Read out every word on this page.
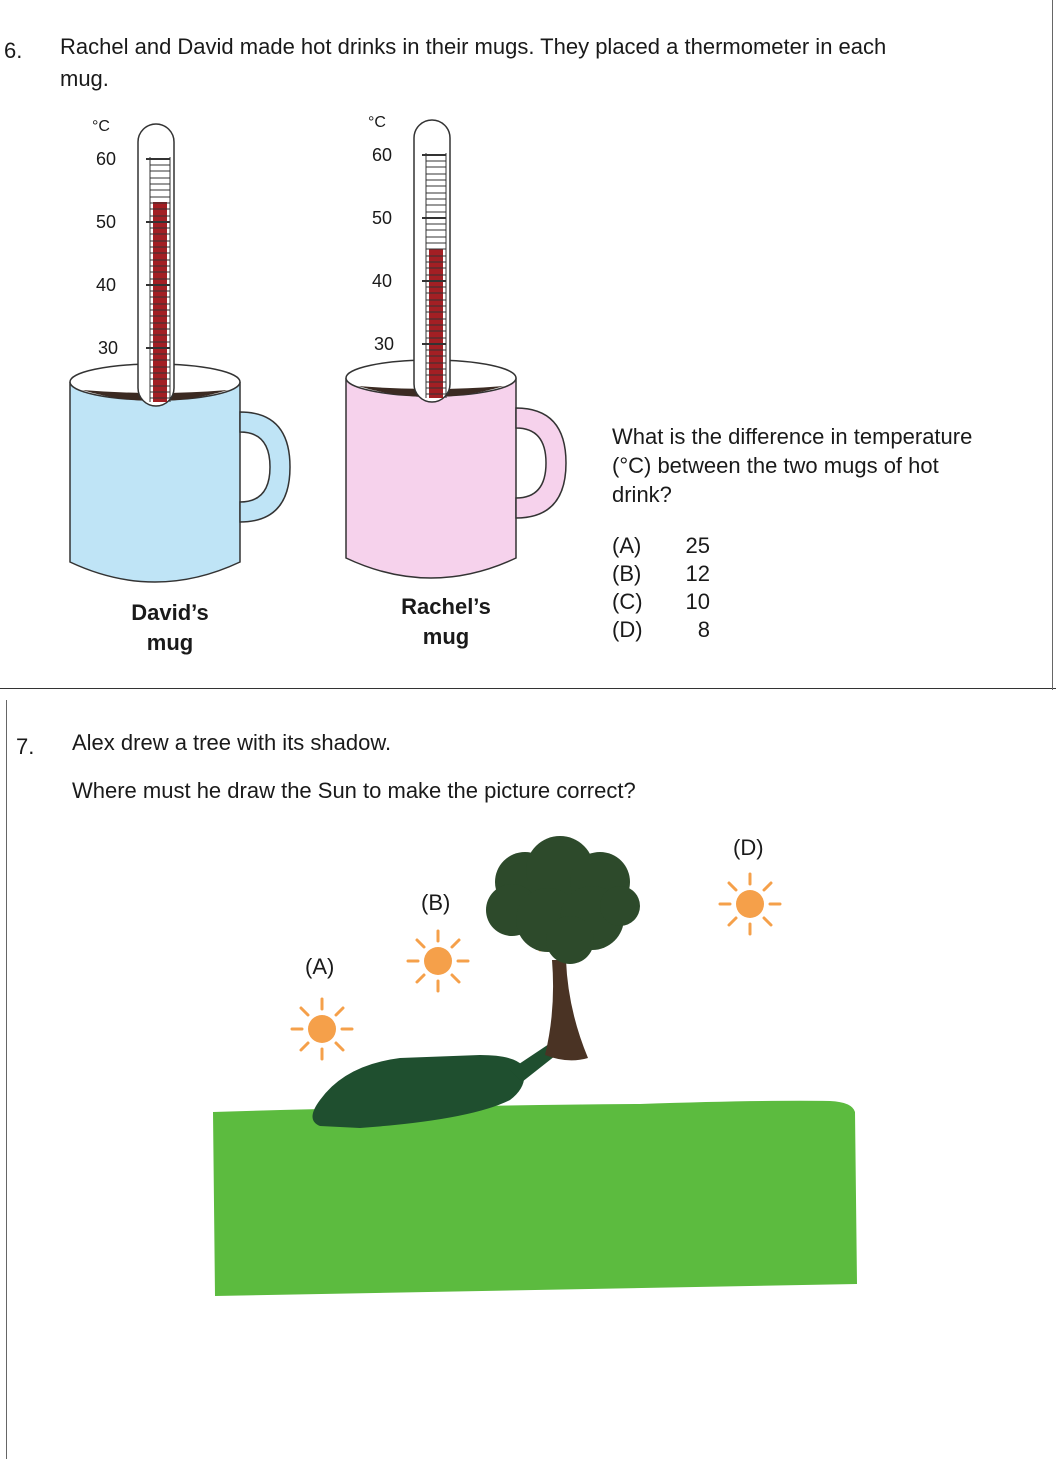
6. Rachel and David made hot drinks in their mugs. They placed a thermometer in each
mug.
°C
60
50
40
30
David’s
mug
°C
60
50
40
30
Rachel’s
mug
What is the difference in temperature
(°C) between the two mugs of hot
drink?
(A) 25
(B) 12
(C) 10
(D)	8
7. Alex drew a tree with its shadow.
Where must he draw the Sun to make the picture correct?
(A)
(B)
(D)
